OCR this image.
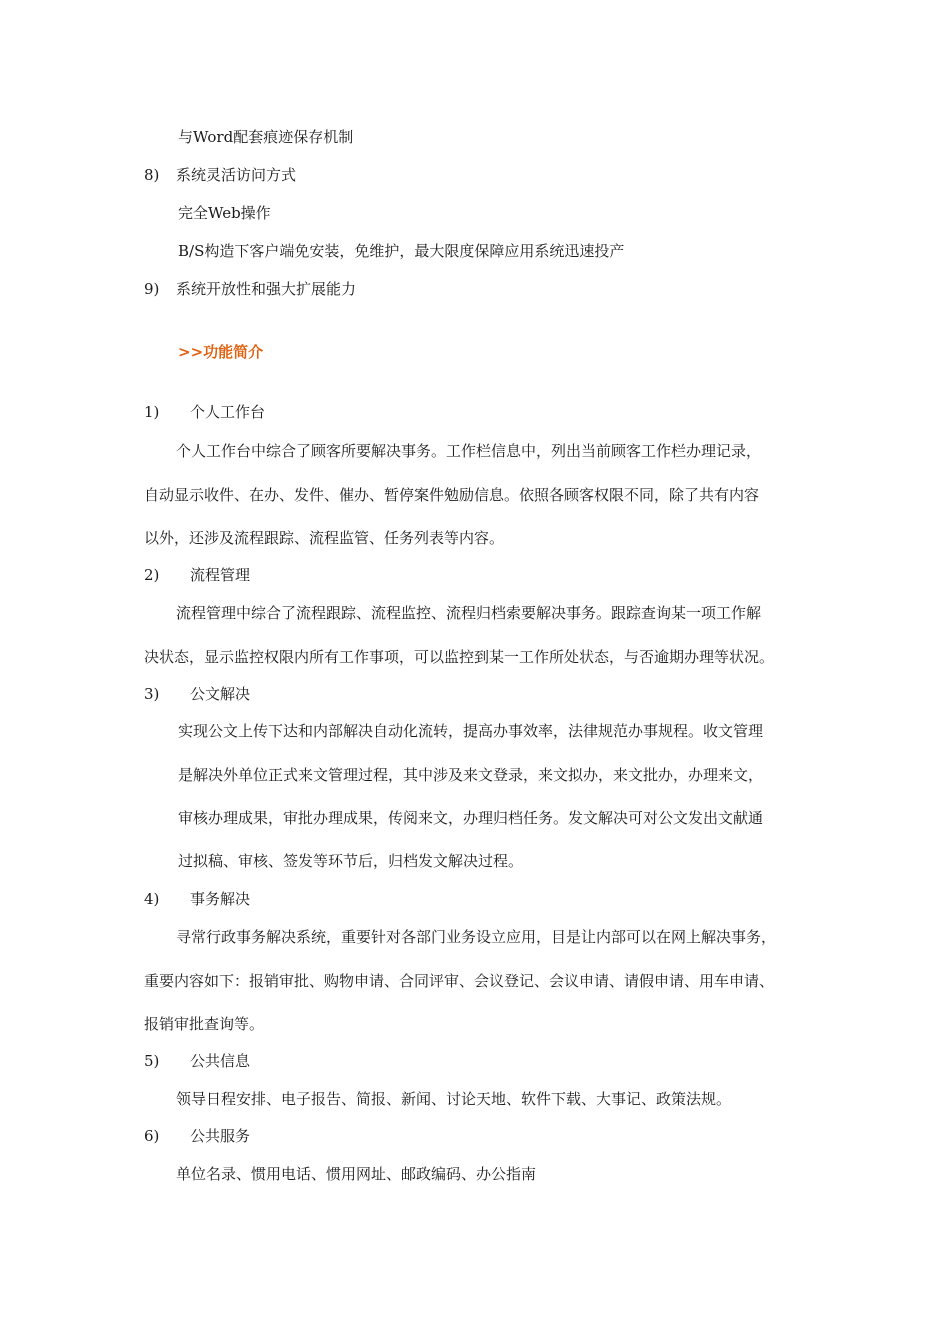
与Word配套痕迹保存机制
8) 系统灵活访问方式
完全Web操作
B/S构造下客户端免安装，免维护，最大限度保障应用系统迅速投产
9) 系统开放性和强大扩展能力
>>功能简介
1) 个人工作台
个人工作台中综合了顾客所要解决事务。工作栏信息中，列出当前顾客工作栏办理记录，
自动显示收件、在办、发件、催办、暂停案件勉励信息。依照各顾客权限不同，除了共有内容
以外，还涉及流程跟踪、流程监管、任务列表等内容。
2) 流程管理
流程管理中综合了流程跟踪、流程监控、流程归档索要解决事务。跟踪查询某一项工作解
决状态，显示监控权限内所有工作事项，可以监控到某一工作所处状态，与否逾期办理等状况。
3) 公文解决
实现公文上传下达和内部解决自动化流转，提高办事效率，法律规范办事规程。收文管理
是解决外单位正式来文管理过程，其中涉及来文登录，来文拟办，来文批办，办理来文，
审核办理成果，审批办理成果，传阅来文，办理归档任务。发文解决可对公文发出文献通
过拟稿、审核、签发等环节后，归档发文解决过程。
4) 事务解决
寻常行政事务解决系统，重要针对各部门业务设立应用，目是让内部可以在网上解决事务，
重要内容如下：报销审批、购物申请、合同评审、会议登记、会议申请、请假申请、用车申请、
报销审批查询等。
5) 公共信息
领导日程安排、电子报告、简报、新闻、讨论天地、软件下载、大事记、政策法规。
6) 公共服务
单位名录、惯用电话、惯用网址、邮政编码、办公指南
